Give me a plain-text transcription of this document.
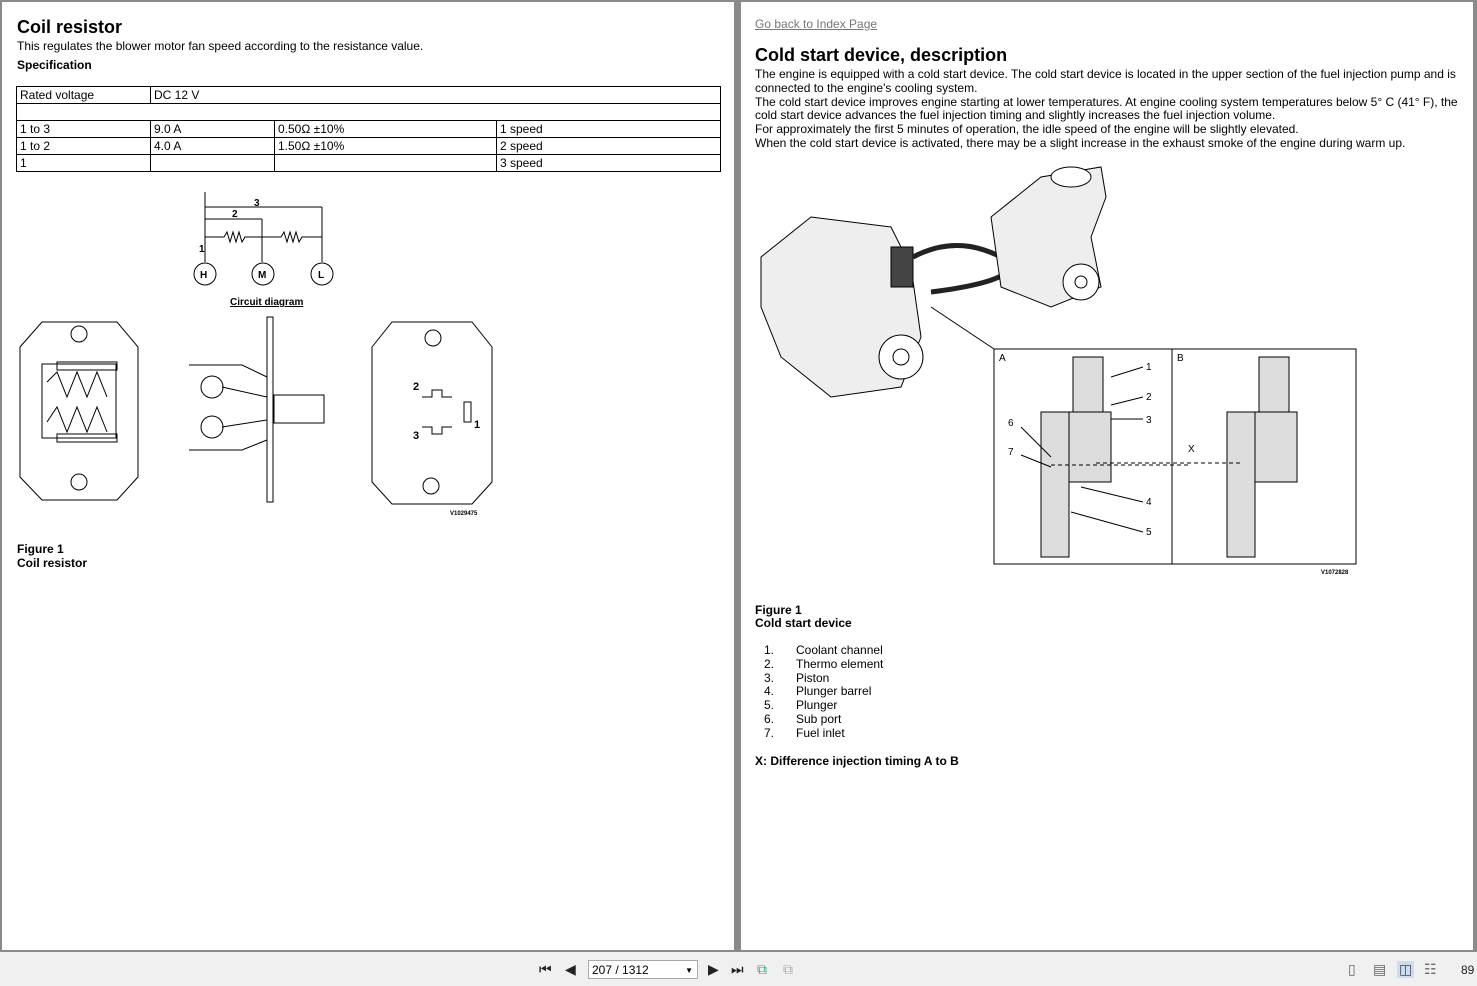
Coil resistor
This regulates the blower motor fan speed according to the resistance value.
Specification
Rated voltage	DC 12 V		

1 to 3	9.0 A	0.50Ω ±10%	1 speed
1 to 2	4.0 A	1.50Ω ±10%	2 speed
1			3 speed
1
2
3
H	M	L
Circuit diagram
2
3
1
V1029475
Figure 1
Coil resistor
Go back to Index Page
Cold start device, description
The engine is equipped with a cold start device. The cold start device is located in the upper section of the fuel injection pump and is connected to the engine's cooling system.
The cold start device improves engine starting at lower temperatures. At engine cooling system temperatures below 5° C (41° F), the cold start device advances the fuel injection timing and slightly increases the fuel injection volume.
For approximately the first 5 minutes of operation, the idle speed of the engine will be slightly elevated.
When the cold start device is activated, there may be a slight increase in the exhaust smoke of the engine during warm up.
A	B
X
1
2
3
4
5
6
7
V1072828
Figure 1
Cold start device
1. Coolant channel
2. Thermo element
3. Piston
4. Plunger barrel
5. Plunger
6. Sub port
7. Fuel inlet
X: Difference injection timing A to B
⏮ ◀	207 / 1312	▼ ▶ ⏭ ⧉ ⧉	▯ ▤ ◫ ☷ 89
